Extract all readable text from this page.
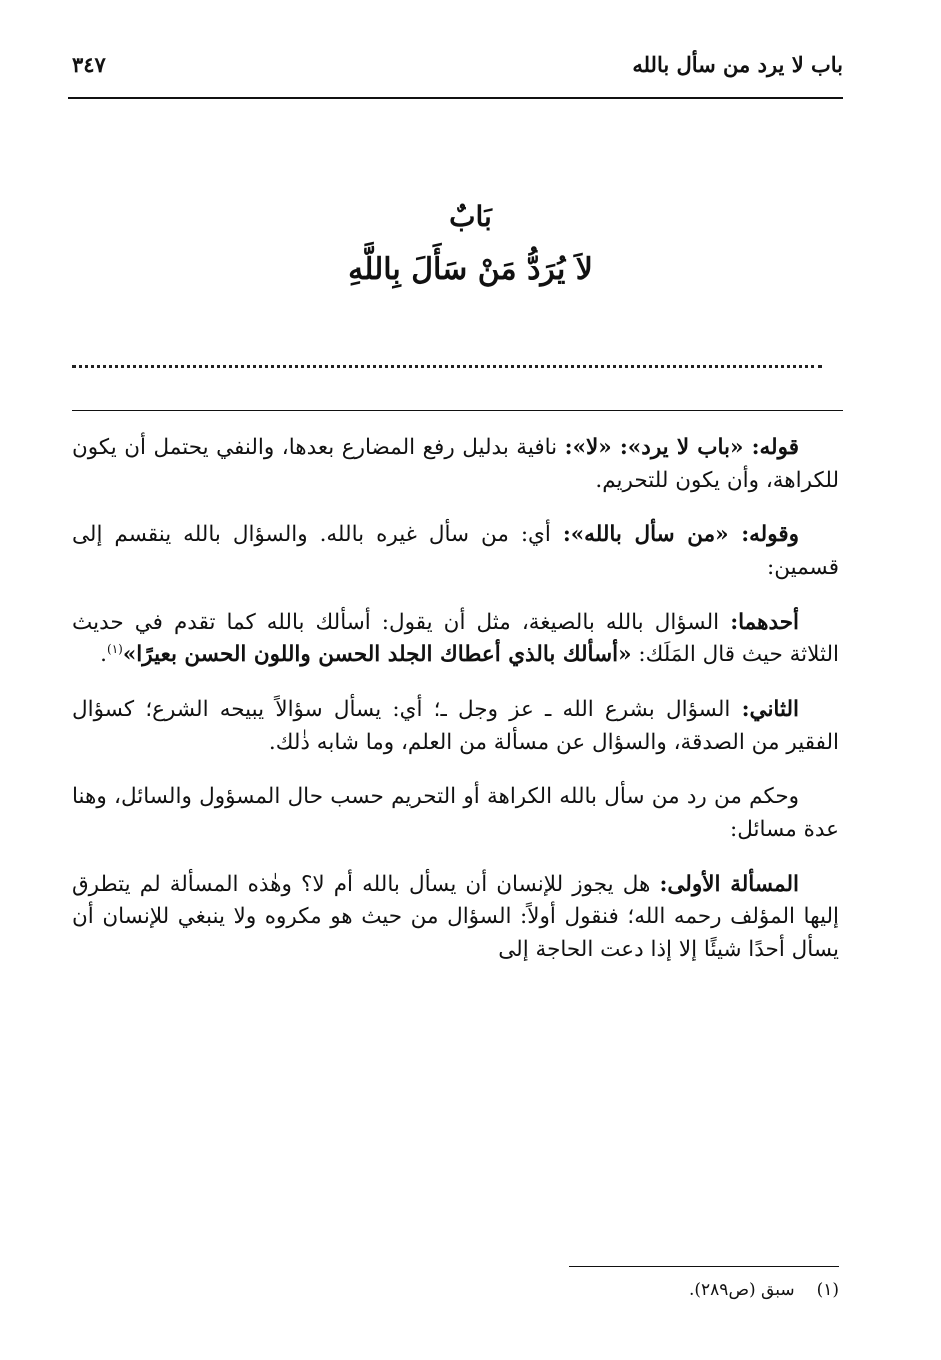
باب لا يرد من سأل بالله
٣٤٧
بَابٌ
لاَ يُرَدُّ مَنْ سَأَلَ بِاللَّهِ

قوله: «باب لا يرد»: «لا»: نافية بدليل رفع المضارع بعدها، والنفي يحتمل أن يكون للكراهة، وأن يكون للتحريم.

وقوله: «من سأل بالله»: أي: من سأل غيره بالله. والسؤال بالله ينقسم إلى قسمين:

أحدهما: السؤال بالله بالصيغة، مثل أن يقول: أسألك بالله كما تقدم في حديث الثلاثة حيث قال المَلَك: «أسألك بالذي أعطاك الجلد الحسن واللون الحسن بعيرًا»$^{(١)}$.

الثاني: السؤال بشرع الله ـ عز وجل ـ؛ أي: يسأل سؤالاً يبيحه الشرع؛ كسؤال الفقير من الصدقة، والسؤال عن مسألة من العلم، وما شابه ذٰلك.

وحكم من رد من سأل بالله الكراهة أو التحريم حسب حال المسؤول والسائل، وهنا عدة مسائل:

المسألة الأولى: هل يجوز للإنسان أن يسأل بالله أم لا؟ وهٰذه المسألة لم يتطرق إليها المؤلف رحمه الله؛ فنقول أولاً: السؤال من حيث هو مكروه ولا ينبغي للإنسان أن يسأل أحدًا شيئًا إلا إذا دعت الحاجة إلى

(١)سبق (ص٢٨٩).
